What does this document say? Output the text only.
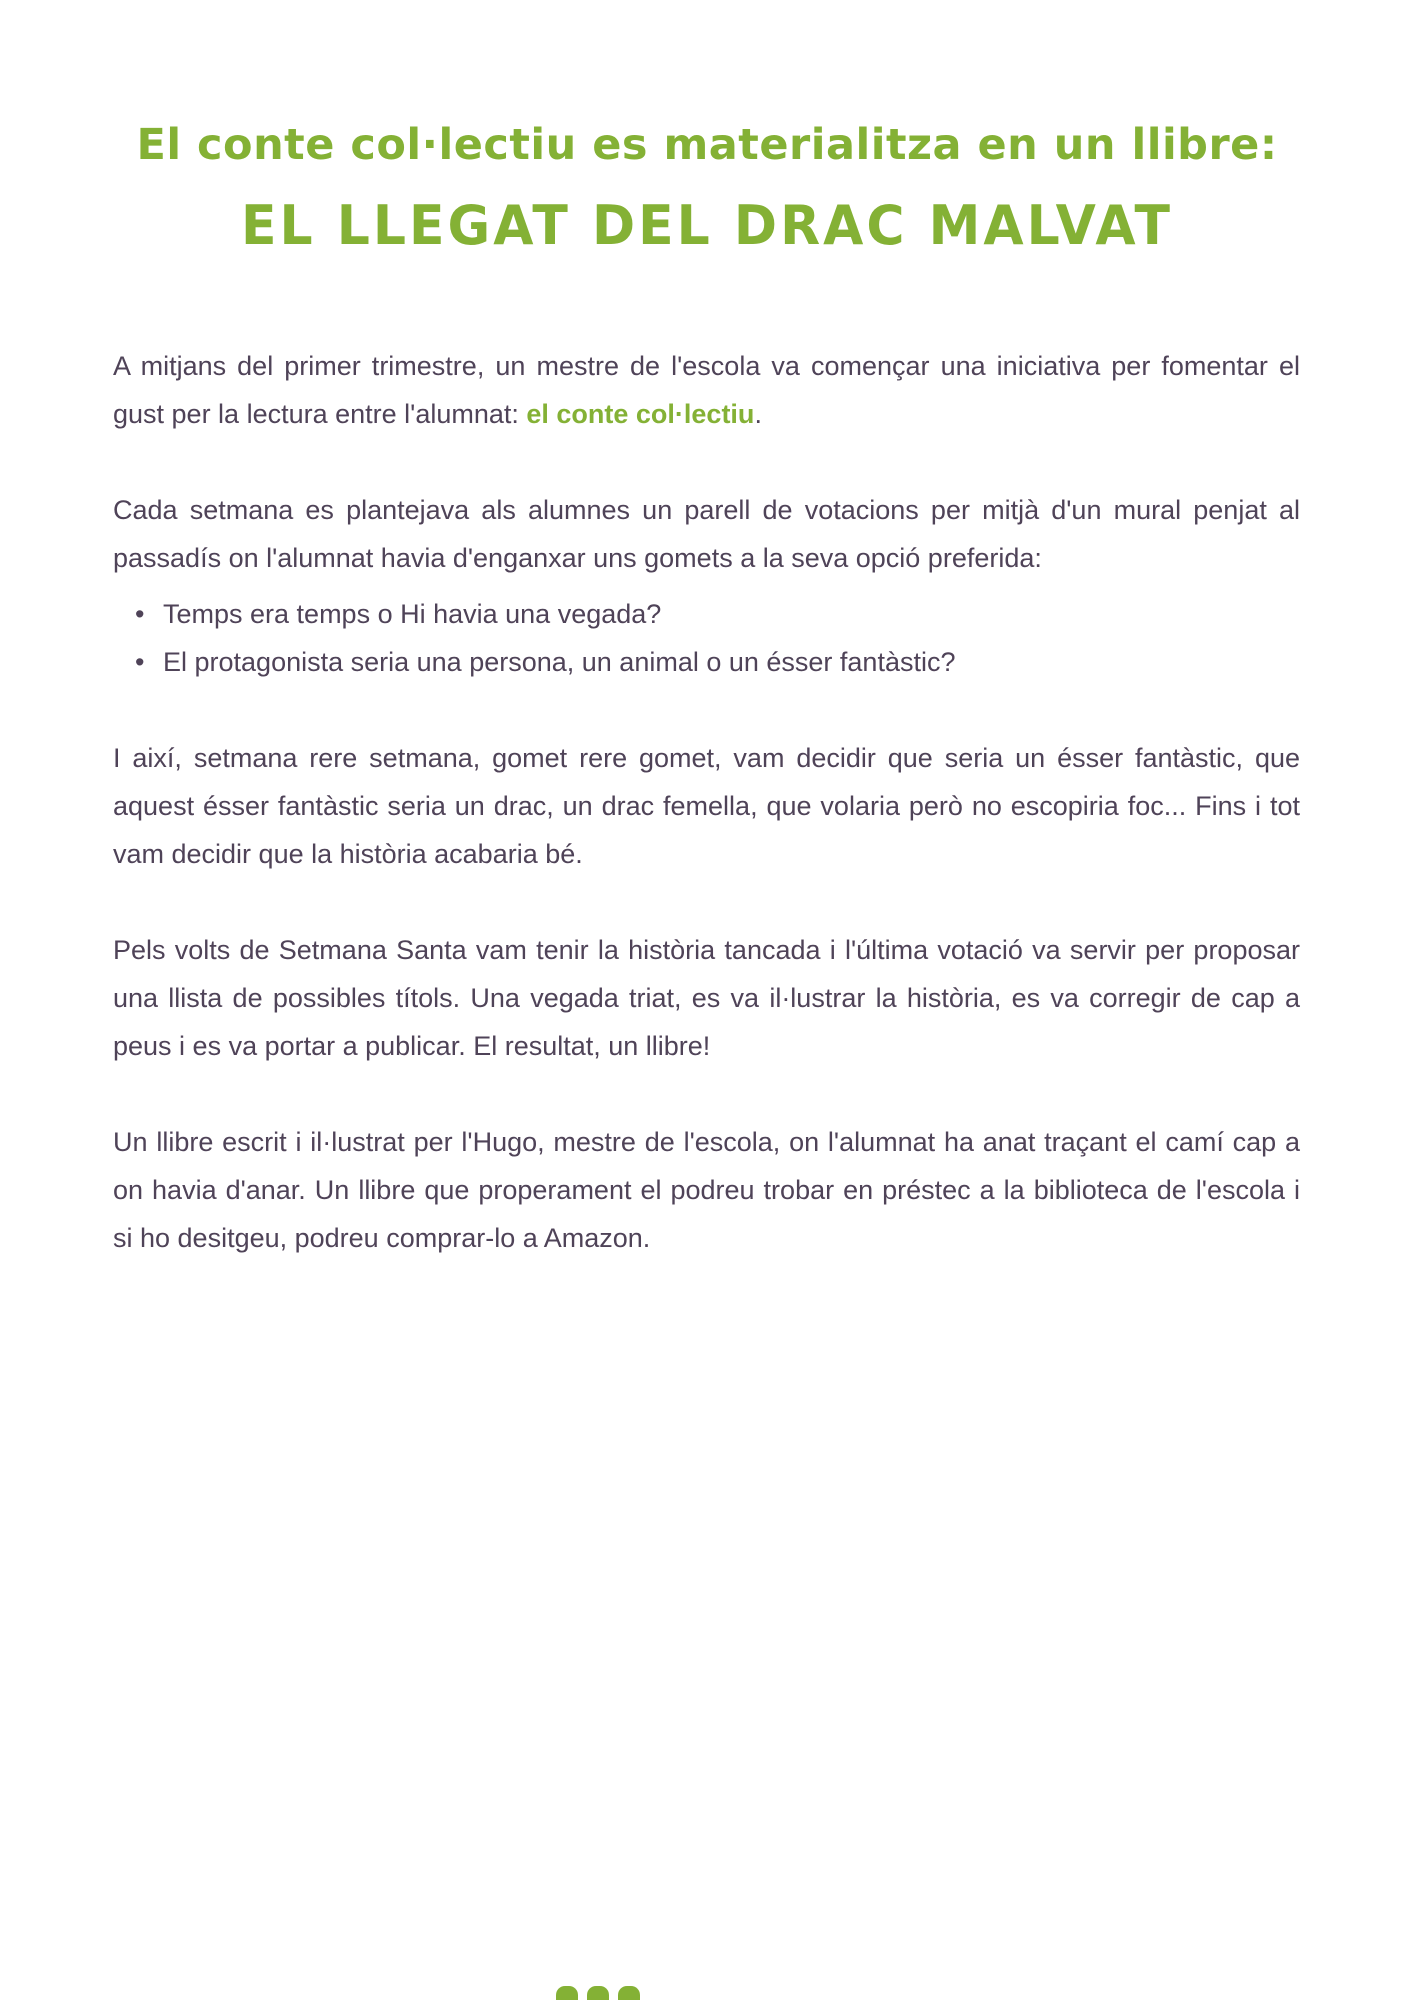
El conte col·lectiu es materialitza en un llibre:
EL LLEGAT DEL DRAC MALVAT

A mitjans del primer trimestre, un mestre de l'escola va començar una iniciativa per fomentar el gust per la lectura entre l'alumnat: el conte col·lectiu.

Cada setmana es plantejava als alumnes un parell de votacions per mitjà d'un mural penjat al passadís on l'alumnat havia d'enganxar uns gomets a la seva opció preferida:

• Temps era temps o Hi havia una vegada?
• El protagonista seria una persona, un animal o un ésser fantàstic?

I així, setmana rere setmana, gomet rere gomet, vam decidir que seria un ésser fantàstic, que aquest ésser fantàstic seria un drac, un drac femella, que volaria però no escopiria foc... Fins i tot vam decidir que la història acabaria bé.

Pels volts de Setmana Santa vam tenir la història tancada i l'última votació va servir per proposar una llista de possibles títols. Una vegada triat, es va il·lustrar la història, es va corregir de cap a peus i es va portar a publicar. El resultat, un llibre!

Un llibre escrit i il·lustrat per l'Hugo, mestre de l'escola, on l'alumnat ha anat traçant el camí cap a on havia d'anar. Un llibre que properament el podreu trobar en préstec a la biblioteca de l'escola i si ho desitgeu, podreu comprar-lo a Amazon.
